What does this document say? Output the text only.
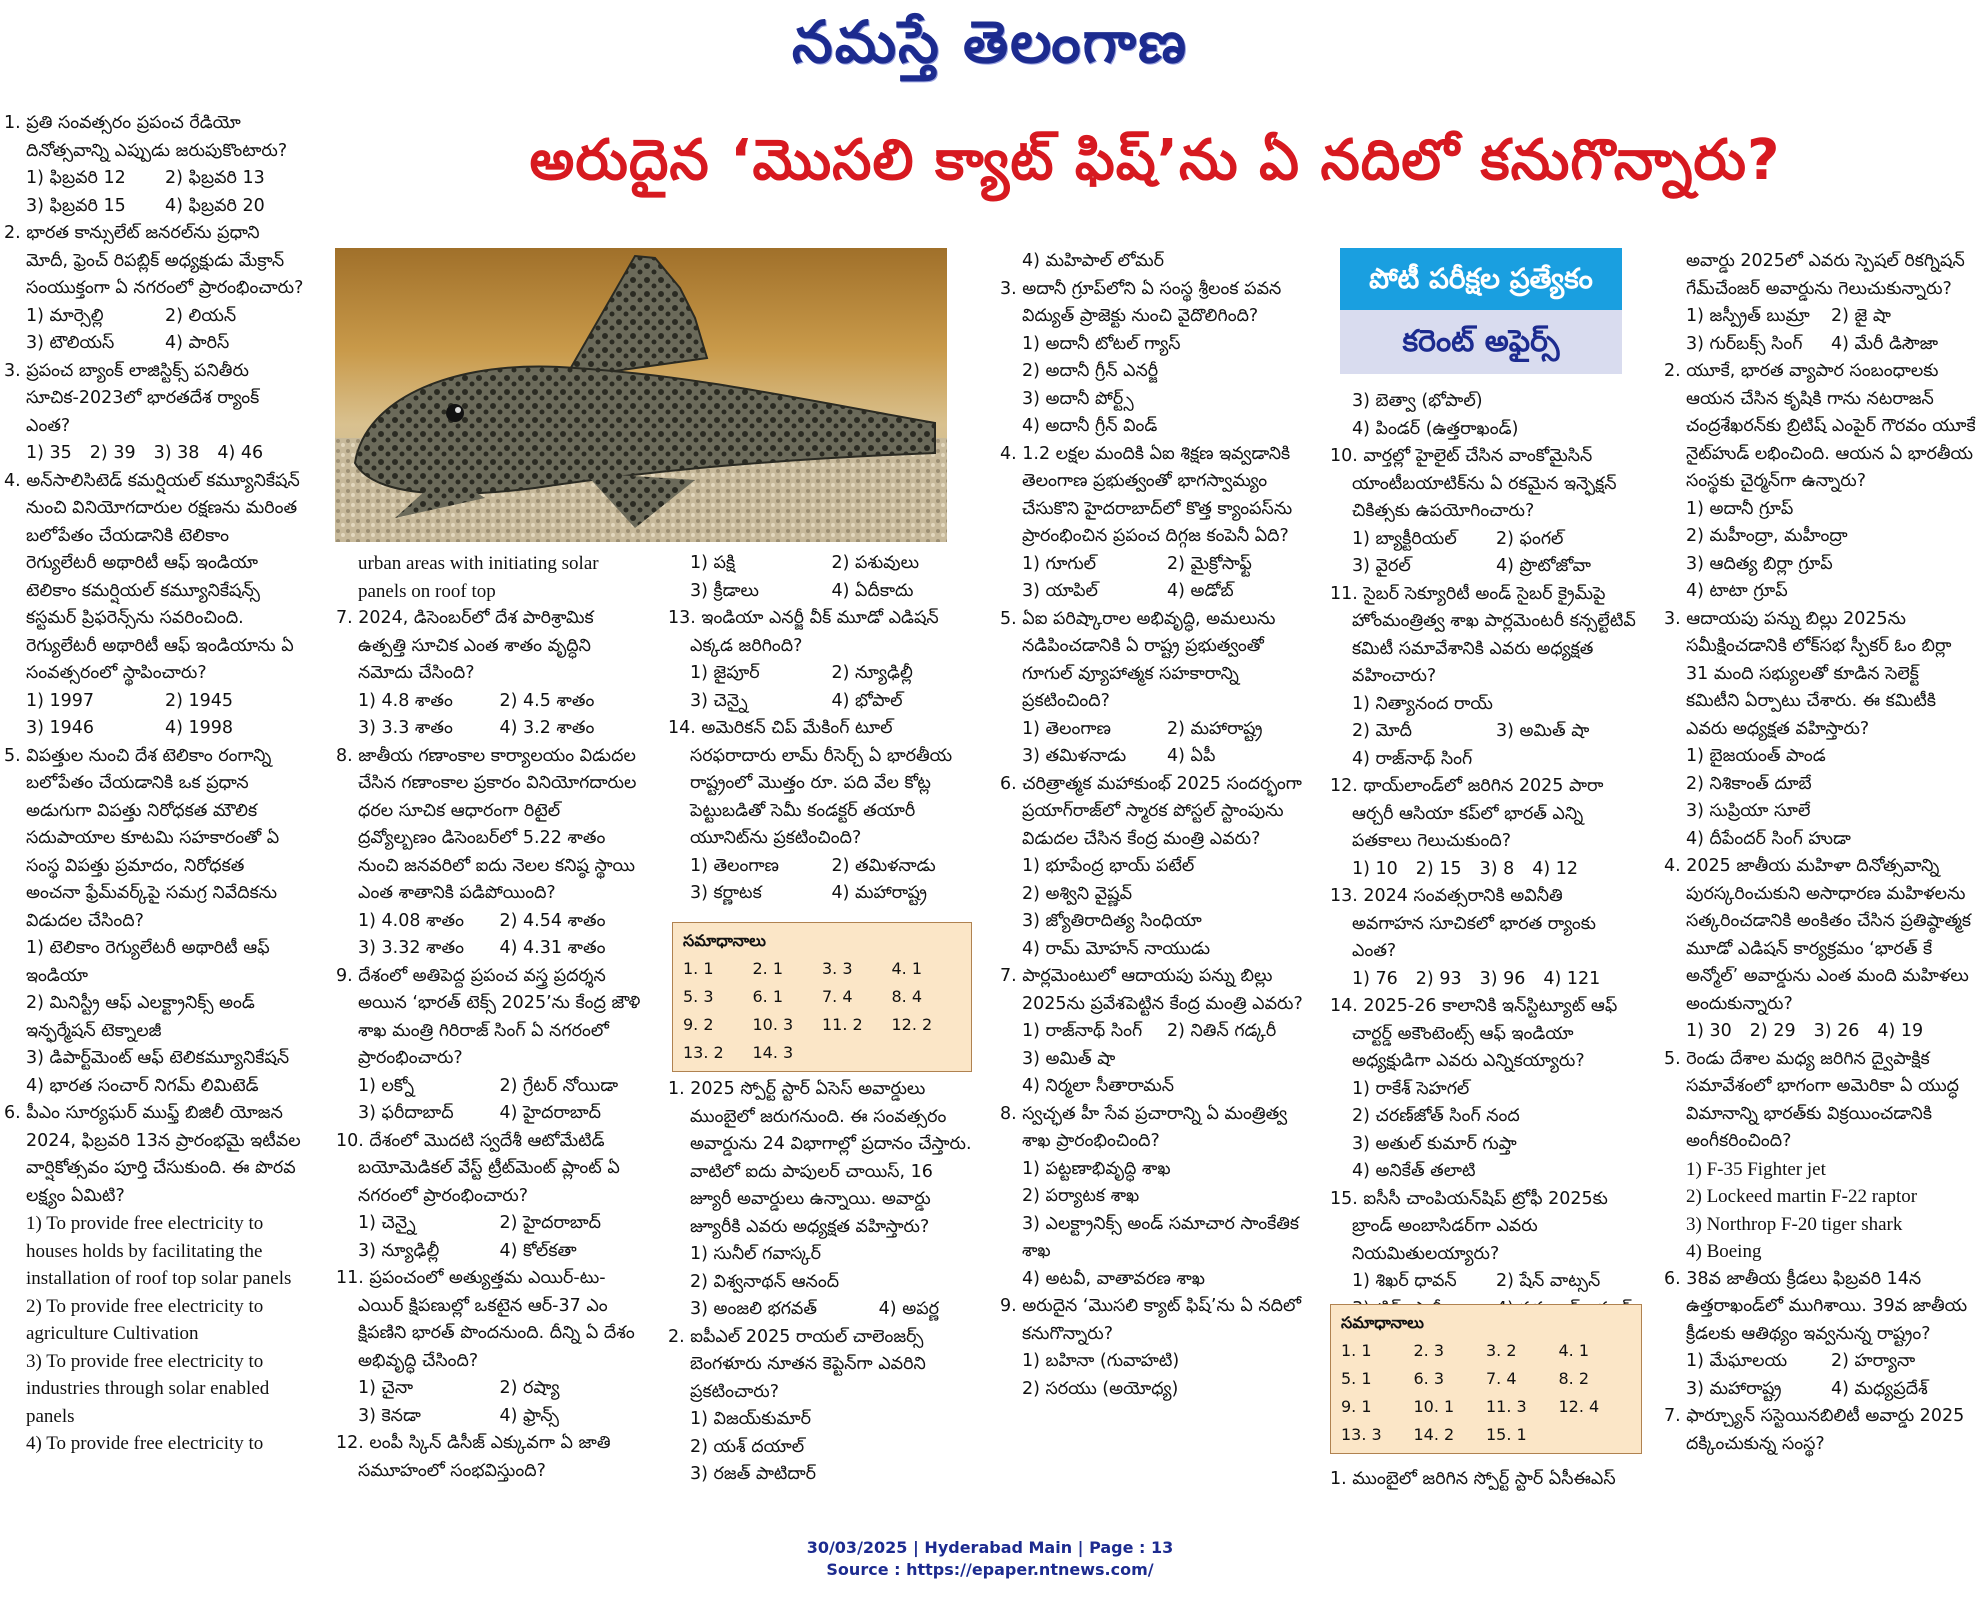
నమస్తే తెలంగాణ
అరుదైన ‘మొసలి క్యాట్ ఫిష్’ను ఏ నదిలో కనుగొన్నారు?
పోటీ పరీక్షల ప్రత్యేకం
కరెంట్ అఫైర్స్

1. ప్రతి సంవత్సరం ప్రపంచ రేడియో దినోత్సవాన్ని ఎప్పుడు జరుపుకొంటారు?

1) ఫిబ్రవరి 12	2) ఫిబ్రవరి 13
3) ఫిబ్రవరి 15	4) ఫిబ్రవరి 20

2. భారత కాన్సులేట్ జనరల్‌ను ప్రధాని మోదీ, ఫ్రెంచ్ రిపబ్లిక్ అధ్యక్షుడు మేక్రాన్ సంయుక్తంగా ఏ నగరంలో ప్రారంభించారు?

1) మార్సెల్లి	2) లియన్
3) టౌలియస్	4) పారిస్

3. ప్రపంచ బ్యాంక్ లాజిస్టిక్స్ పనితీరు సూచిక-2023లో భారతదేశ ర్యాంక్ ఎంత?

1) 35 2) 39 3) 38 4) 46

4. అన్‌సాలిసిటెడ్ కమర్షియల్ కమ్యూనికేషన్ నుంచి వినియోగదారుల రక్షణను మరింత బలోపేతం చేయడానికి టెలికాం రెగ్యులేటరీ అథారిటీ ఆఫ్ ఇండియా టెలికాం కమర్షియల్ కమ్యూనికేషన్స్ కస్టమర్ ప్రిఫరెన్స్‌ను సవరించింది. రెగ్యులేటరీ అథారిటీ ఆఫ్ ఇండియాను ఏ సంవత్సరంలో స్థాపించారు?

1) 1997	2) 1945
3) 1946	4) 1998

5. విపత్తుల నుంచి దేశ టెలికాం రంగాన్ని బలోపేతం చేయడానికి ఒక ప్రధాన అడుగుగా విపత్తు నిరోధకత మౌలిక సదుపాయాల కూటమి సహకారంతో ఏ సంస్థ విపత్తు ప్రమాదం, నిరోధకత అంచనా ఫ్రేమ్‌వర్క్‌పై సమగ్ర నివేదికను విడుదల చేసింది?

1) టెలికాం రెగ్యులేటరీ అథారిటీ ఆఫ్ ఇండియా

2) మినిస్ట్రీ ఆఫ్ ఎలక్ట్రానిక్స్ అండ్ ఇన్ఫర్మేషన్ టెక్నాలజీ

3) డిపార్ట్‌మెంట్ ఆఫ్ టెలికమ్యూనికేషన్

4) భారత సంచార్ నిగమ్ లిమిటెడ్

6. పీఎం సూర్యఘర్ ముఫ్త్ బిజిలీ యోజన 2024, ఫిబ్రవరి 13న ప్రారంభమై ఇటీవల వార్షికోత్సవం పూర్తి చేసుకుంది. ఈ పొరవ లక్ష్యం ఏమిటి?

1) To provide free electricity to houses holds by facilitating the installation of roof top solar panels

2) To provide free electricity to agriculture Cultivation

3) To provide free electricity to industries through solar enabled panels

4) To provide free electricity to

urban areas with initiating solar panels on roof top

7. 2024, డిసెంబర్‌లో దేశ పారిశ్రామిక ఉత్పత్తి సూచిక ఎంత శాతం వృద్ధిని నమోదు చేసింది?

1) 4.8 శాతం	2) 4.5 శాతం
3) 3.3 శాతం	4) 3.2 శాతం

8. జాతీయ గణాంకాల కార్యాలయం విడుదల చేసిన గణాంకాల ప్రకారం వినియోగదారుల ధరల సూచిక ఆధారంగా రిటైల్ ద్రవ్యోల్బణం డిసెంబర్‌లో 5.22 శాతం నుంచి జనవరిలో ఐదు నెలల కనిష్ఠ స్థాయి ఎంత శాతానికి పడిపోయింది?

1) 4.08 శాతం	2) 4.54 శాతం
3) 3.32 శాతం	4) 4.31 శాతం

9. దేశంలో అతిపెద్ద ప్రపంచ వస్త్ర ప్రదర్శన అయిన ‘భారత్ టెక్స్ 2025’ను కేంద్ర జౌళి శాఖ మంత్రి గిరిరాజ్ సింగ్ ఏ నగరంలో ప్రారంభించారు?

1) లక్నో	2) గ్రేటర్ నోయిడా
3) ఫరీదాబాద్	4) హైదరాబాద్

10. దేశంలో మొదటి స్వదేశీ ఆటోమేటిడ్ బయోమెడికల్ వేస్ట్ ట్రీట్‌మెంట్ ప్లాంట్ ఏ నగరంలో ప్రారంభించారు?

1) చెన్నై	2) హైదరాబాద్
3) న్యూఢిల్లీ	4) కోల్‌కతా

11. ప్రపంచంలో అత్యుత్తమ ఎయిర్-టు-ఎయిర్ క్షిపణుల్లో ఒకటైన ఆర్-37 ఎం క్షిపణిని భారత్ పొందనుంది. దీన్ని ఏ దేశం అభివృద్ధి చేసింది?

1) చైనా	2) రష్యా
3) కెనడా	4) ఫ్రాన్స్

12. లంపీ స్కిన్ డిసీజ్ ఎక్కువగా ఏ జాతి సమూహంలో సంభవిస్తుంది?

1) పక్షి	2) పశువులు
3) క్రీడాలు	4) ఏదీకాదు

13. ఇండియా ఎనర్జీ వీక్ మూడో ఎడిషన్ ఎక్కడ జరిగింది?

1) జైపూర్	2) న్యూఢిల్లీ
3) చెన్నై	4) భోపాల్

14. అమెరికన్ చిప్ మేకింగ్ టూల్ సరఫరాదారు లామ్ రీసెర్చ్ ఏ భారతీయ రాష్ట్రంలో మొత్తం రూ. పది వేల కోట్ల పెట్టుబడితో సెమీ కండక్టర్ తయారీ యూనిట్‌ను ప్రకటించింది?

1) తెలంగాణ	2) తమిళనాడు
3) కర్ణాటక	4) మహారాష్ట్ర
సమాధానాలు
1. 1	2. 1	3. 3	4. 1
5. 3	6. 1	7. 4	8. 4
9. 2	10. 3	11. 2	12. 2
13. 2	14. 3

1. 2025 స్పోర్ట్ స్టార్ ఏసెస్ అవార్డులు ముంబైలో జరుగనుంది. ఈ సంవత్సరం అవార్డును 24 విభాగాల్లో ప్రదానం చేస్తారు. వాటిలో ఐదు పాపులర్ చాయిస్, 16 జ్యూరీ అవార్డులు ఉన్నాయి. అవార్డు జ్యూరీకి ఎవరు అధ్యక్షత వహిస్తారు?

1) సునీల్ గవాస్కర్

2) విశ్వనాథన్ ఆనంద్

3) అంజలి భగవత్	4) అపర్ణ

2. ఐపీఎల్ 2025 రాయల్ చాలెంజర్స్ బెంగళూరు నూతన కెప్టెన్‌గా ఎవరిని ప్రకటించారు?

1) విజయ్‌కుమార్

2) యశ్ దయాల్

3) రజత్ పాటిదార్

4) మహిపాల్ లోమర్

3. అదానీ గ్రూప్‌లోని ఏ సంస్థ శ్రీలంక పవన విద్యుత్ ప్రాజెక్టు నుంచి వైదొలిగింది?

1) అదానీ టోటల్ గ్యాస్

2) అదానీ గ్రీన్ ఎనర్జీ

3) అదానీ పోర్ట్స్

4) అదానీ గ్రీన్ విండ్

4. 1.2 లక్షల మందికి ఏఐ శిక్షణ ఇవ్వడానికి తెలంగాణ ప్రభుత్వంతో భాగస్వామ్యం చేసుకొని హైదరాబాద్‌లో కొత్త క్యాంపస్‌ను ప్రారంభించిన ప్రపంచ దిగ్గజ కంపెనీ ఏది?

1) గూగుల్	2) మైక్రోసాఫ్ట్
3) యాపిల్	4) అడోబ్

5. ఏఐ పరిష్కారాల అభివృద్ధి, అమలును నడిపించడానికి ఏ రాష్ట్ర ప్రభుత్వంతో గూగుల్ వ్యూహాత్మక సహకారాన్ని ప్రకటించింది?

1) తెలంగాణ	2) మహారాష్ట్ర
3) తమిళనాడు	4) ఏపీ

6. చరిత్రాత్మక మహాకుంభ్ 2025 సందర్భంగా ప్రయాగ్‌రాజ్‌లో స్మారక పోస్టల్ స్టాంపును విడుదల చేసిన కేంద్ర మంత్రి ఎవరు?

1) భూపేంద్ర భాయ్ పటేల్

2) అశ్విని వైష్ణవ్

3) జ్యోతిరాదిత్య సింధియా

4) రామ్ మోహన్ నాయుడు

7. పార్లమెంటులో ఆదాయపు పన్ను బిల్లు 2025ను ప్రవేశపెట్టిన కేంద్ర మంత్రి ఎవరు?

1) రాజ్‌నాథ్ సింగ్	2) నితిన్ గడ్కరీ

3) అమిత్ షా

4) నిర్మలా సీతారామన్

8. స్వచ్ఛత హీ సేవ ప్రచారాన్ని ఏ మంత్రిత్వ శాఖ ప్రారంభించింది?

1) పట్టణాభివృద్ధి శాఖ

2) పర్యాటక శాఖ

3) ఎలక్ట్రానిక్స్ అండ్ సమాచార సాంకేతిక శాఖ

4) అటవీ, వాతావరణ శాఖ

9. అరుదైన ‘మొసలి క్యాట్ ఫిష్’ను ఏ నదిలో కనుగొన్నారు?

1) బహినా (గువాహటి)

2) సరయు (అయోధ్య)

3) బెత్వా (భోపాల్)

4) పిండర్ (ఉత్తరాఖండ్)

10. వార్తల్లో హైలైట్ చేసిన వాంకోమైసిన్ యాంటీబయాటిక్‌ను ఏ రకమైన ఇన్ఫెక్షన్ చికిత్సకు ఉపయోగించారు?

1) బ్యాక్టీరియల్	2) ఫంగల్
3) వైరల్	4) ప్రొటోజోవా

11. సైబర్ సెక్యూరిటీ అండ్ సైబర్ క్రైమ్‌పై హోంమంత్రిత్వ శాఖ పార్లమెంటరీ కన్సల్టేటివ్ కమిటీ సమావేశానికి ఎవరు అధ్యక్షత వహించారు?

1) నిత్యానంద రాయ్

2) మోదీ	3) అమిత్ షా

4) రాజ్‌నాథ్ సింగ్

12. థాయ్‌లాండ్‌లో జరిగిన 2025 పారా ఆర్చరీ ఆసియా కప్‌లో భారత్ ఎన్ని పతకాలు గెలుచుకుంది?

1) 10 2) 15 3) 8 4) 12

13. 2024 సంవత్సరానికి అవినీతి అవగాహన సూచికలో భారత ర్యాంకు ఎంత?

1) 76 2) 93 3) 96 4) 121

14. 2025-26 కాలానికి ఇన్‌స్టిట్యూట్ ఆఫ్ చార్టర్డ్ అకౌంటెంట్స్ ఆఫ్ ఇండియా అధ్యక్షుడిగా ఎవరు ఎన్నికయ్యారు?

1) రాకేశ్ సెహగల్

2) చరణ్‌జోత్ సింగ్ నంద

3) అతుల్ కుమార్ గుప్తా

4) అనికేత్ తలాటి

15. ఐసీసీ చాంపియన్‌షిప్ ట్రోఫీ 2025కు బ్రాండ్ అంబాసిడర్‌గా ఎవరు నియమితులయ్యారు?

1) శిఖర్ ధావన్	2) షేన్ వాట్సన్
సమాధానాలు
1. 1	2. 3	3. 2	4. 1
5. 1	6. 3	7. 4	8. 2
9. 1	10. 1	11. 3	12. 4
13. 3	14. 2	15. 1

1. ముంబైలో జరిగిన స్పోర్ట్ స్టార్ ఏసీఈఎస్

అవార్డు 2025లో ఎవరు స్పెషల్ రికగ్నిషన్ గేమ్‌చేంజర్ అవార్డును గెలుచుకున్నారు?

1) జస్ప్రీత్ బుమ్రా	2) జై షా
3) గుర్‌బక్స్ సింగ్	4) మేరీ డిసౌజా

2. యూకే, భారత వ్యాపార సంబంధాలకు ఆయన చేసిన కృషికి గాను నటరాజన్ చంద్రశేఖరన్‌కు బ్రిటిష్ ఎంపైర్ గౌరవం యూకే నైట్‌హుడ్ లభించింది. ఆయన ఏ భారతీయ సంస్థకు చైర్మన్‌గా ఉన్నారు?

1) అదానీ గ్రూప్

2) మహీంద్రా, మహీంద్రా

3) ఆదిత్య బిర్లా గ్రూప్

4) టాటా గ్రూప్

3. ఆదాయపు పన్ను బిల్లు 2025ను సమీక్షించడానికి లోక్‌సభ స్పీకర్ ఓం బిర్లా 31 మంది సభ్యులతో కూడిన సెలెక్ట్ కమిటీని ఏర్పాటు చేశారు. ఈ కమిటీకి ఎవరు అధ్యక్షత వహిస్తారు?

1) బైజయంత్ పాండ

2) నిశికాంత్ దూబే

3) సుప్రియా సూలే

4) దీపేందర్ సింగ్ హుడా

4. 2025 జాతీయ మహిళా దినోత్సవాన్ని పురస్కరించుకుని అసాధారణ మహిళలను సత్కరించడానికి అంకితం చేసిన ప్రతిష్ఠాత్మక మూడో ఎడిషన్ కార్యక్రమం ‘భారత్ కే అన్మోల్’ అవార్డును ఎంత మంది మహిళలు అందుకున్నారు?

1) 30 2) 29 3) 26 4) 19

5. రెండు దేశాల మధ్య జరిగిన ద్వైపాక్షిక సమావేశంలో భాగంగా అమెరికా ఏ యుద్ధ విమానాన్ని భారత్‌కు విక్రయించడానికి అంగీకరించింది?

1) F-35 Fighter jet

2) Lockeed martin F-22 raptor

3) Northrop F-20 tiger shark

4) Boeing

6. 38వ జాతీయ క్రీడలు ఫిబ్రవరి 14న ఉత్తరాఖండ్‌లో ముగిశాయి. 39వ జాతీయ క్రీడలకు ఆతిథ్యం ఇవ్వనున్న రాష్ట్రం?

1) మేఘాలయ	2) హర్యానా
3) మహారాష్ట్ర	4) మధ్యప్రదేశ్

7. ఫార్చ్యూన్ సస్టెయినబిలిటీ అవార్డు 2025 దక్కించుకున్న సంస్థ?

30/03/2025 | Hyderabad Main | Page : 13
Source : https://epaper.ntnews.com/
